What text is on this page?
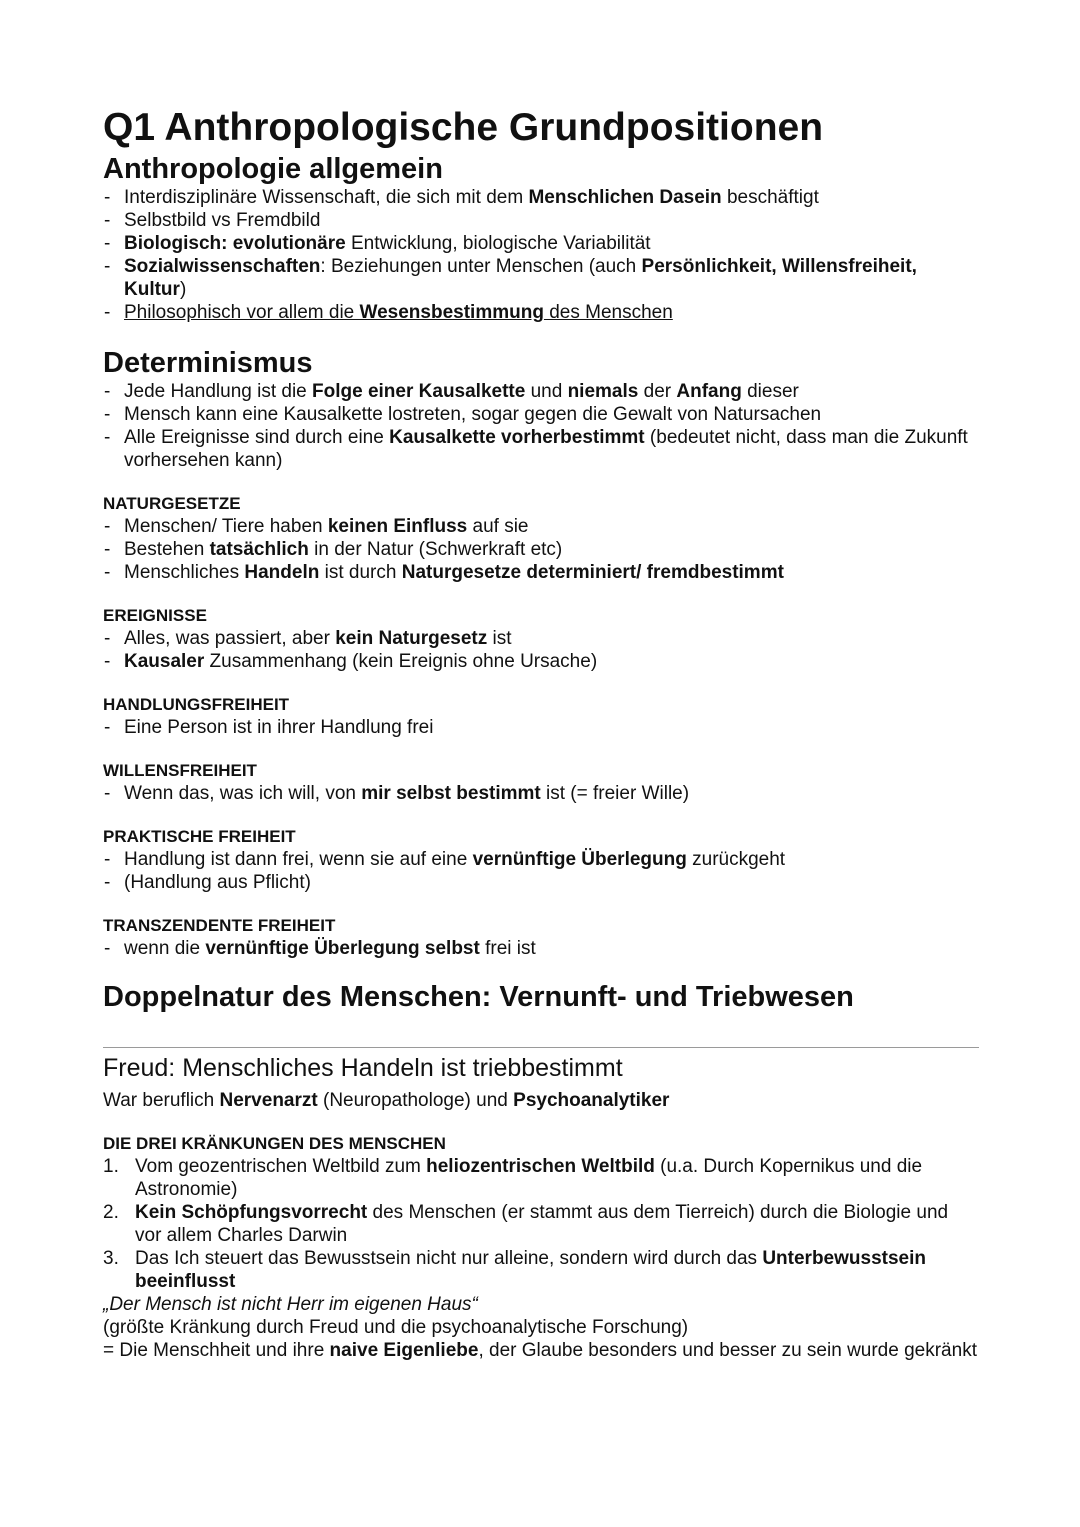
Q1 Anthropologische Grundpositionen
Anthropologie allgemein
- Interdisziplinäre Wissenschaft, die sich mit dem Menschlichen Dasein beschäftigt
- Selbstbild vs Fremdbild
- Biologisch: evolutionäre Entwicklung, biologische Variabilität
- Sozialwissenschaften: Beziehungen unter Menschen (auch Persönlichkeit, Willensfreiheit, Kultur)
- Philosophisch vor allem die Wesensbestimmung des Menschen
Determinismus
- Jede Handlung ist die Folge einer Kausalkette und niemals der Anfang dieser
- Mensch kann eine Kausalkette lostreten, sogar gegen die Gewalt von Natursachen
- Alle Ereignisse sind durch eine Kausalkette vorherbestimmt (bedeutet nicht, dass man die Zukunft vorhersehen kann)
NATURGESETZE
- Menschen/ Tiere haben keinen Einfluss auf sie
- Bestehen tatsächlich in der Natur (Schwerkraft etc)
- Menschliches Handeln ist durch Naturgesetze determiniert/ fremdbestimmt
EREIGNISSE
- Alles, was passiert, aber kein Naturgesetz ist
- Kausaler Zusammenhang (kein Ereignis ohne Ursache)
HANDLUNGSFREIHEIT
- Eine Person ist in ihrer Handlung frei
WILLENSFREIHEIT
- Wenn das, was ich will, von mir selbst bestimmt ist (= freier Wille)
PRAKTISCHE FREIHEIT
- Handlung ist dann frei, wenn sie auf eine vernünftige Überlegung zurückgeht
- (Handlung aus Pflicht)
TRANSZENDENTE FREIHEIT
- wenn die vernünftige Überlegung selbst frei ist
Doppelnatur des Menschen: Vernunft- und Triebwesen
Freud: Menschliches Handeln ist triebbestimmt

War beruflich Nervenarzt (Neuropathologe) und Psychoanalytiker

DIE DREI KRÄNKUNGEN DES MENSCHEN
1. Vom geozentrischen Weltbild zum heliozentrischen Weltbild (u.a. Durch Kopernikus und die Astronomie)
2. Kein Schöpfungsvorrecht des Menschen (er stammt aus dem Tierreich) durch die Biologie und vor allem Charles Darwin
3. Das Ich steuert das Bewusstsein nicht nur alleine, sondern wird durch das Unterbewusstsein beeinflusst

„Der Mensch ist nicht Herr im eigenen Haus“

(größte Kränkung durch Freud und die psychoanalytische Forschung)

= Die Menschheit und ihre naive Eigenliebe, der Glaube besonders und besser zu sein wurde gekränkt
